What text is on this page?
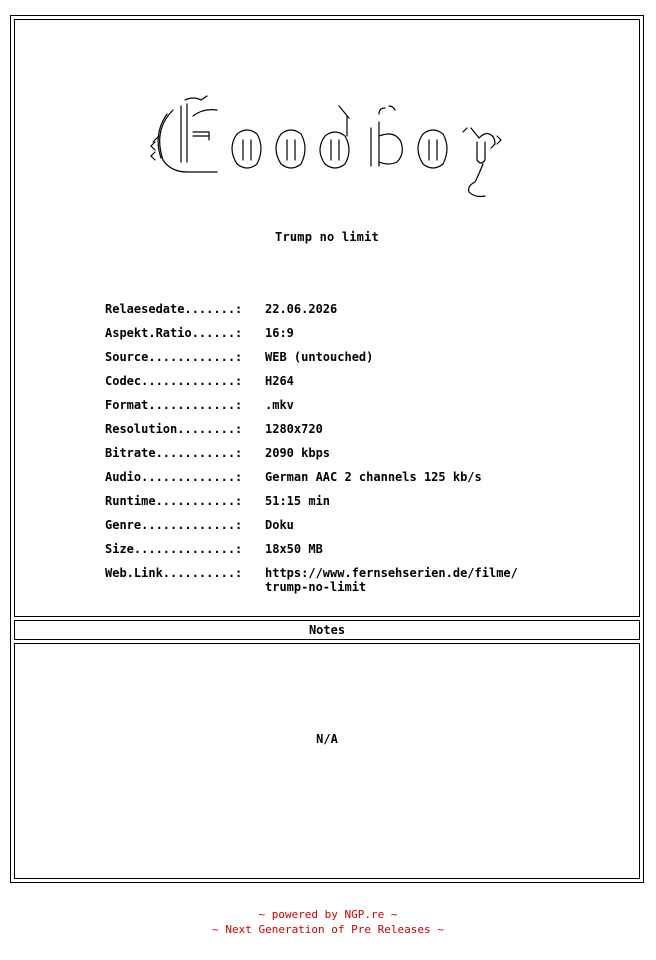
Trump no limit
Relaesedate.......:	22.06.2026
Aspekt.Ratio......:	16:9
Source............:	WEB (untouched)
Codec.............:	H264
Format............:	.mkv
Resolution........:	1280x720
Bitrate...........:	2090 kbps
Audio.............:	German AAC 2 channels 125 kb/s
Runtime...........:	51:15 min
Genre.............:	Doku
Size..............:	18x50 MB
Web.Link..........:	https://www.fernsehserien.de/filme/
trump-no-limit
Notes
N/A
~ powered by NGP.re ~
~ Next Generation of Pre Releases ~
